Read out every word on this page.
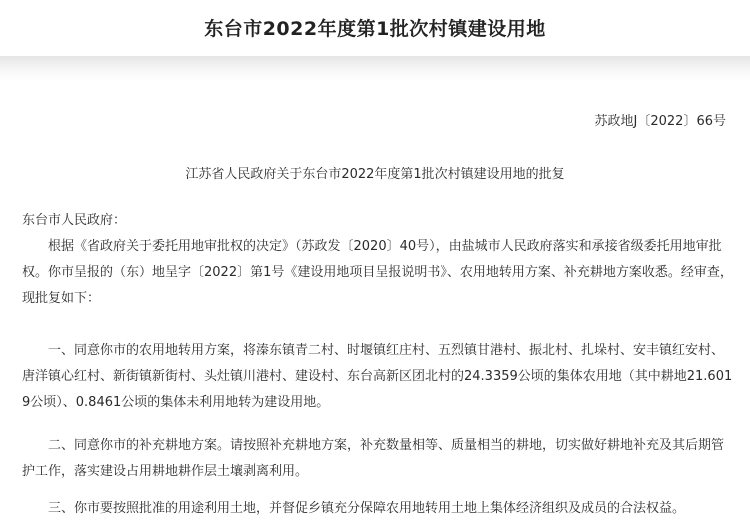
东台市2022年度第1批次村镇建设用地
苏政地J〔2022〕66号
江苏省人民政府关于东台市2022年度第1批次村镇建设用地的批复
东台市人民政府：

根据《省政府关于委托用地审批权的决定》（苏政发〔2020〕40号），由盐城市人民政府落实和承接省级委托用地审批权。你市呈报的（东）地呈字〔2022〕第1号《建设用地项目呈报说明书》、农用地转用方案、补充耕地方案收悉。经审查，现批复如下：

一、同意你市的农用地转用方案，将溱东镇青二村、时堰镇红庄村、五烈镇甘港村、振北村、扎垛村、安丰镇红安村、唐洋镇心红村、新街镇新街村、头灶镇川港村、建设村、东台高新区团北村的24.3359公顷的集体农用地（其中耕地21.6019公顷）、0.8461公顷的集体未利用地转为建设用地。

二、同意你市的补充耕地方案。请按照补充耕地方案，补充数量相等、质量相当的耕地，切实做好耕地补充及其后期管护工作，落实建设占用耕地耕作层土壤剥离利用。

三、你市要按照批准的用途利用土地，并督促乡镇充分保障农用地转用土地上集体经济组织及成员的合法权益。
